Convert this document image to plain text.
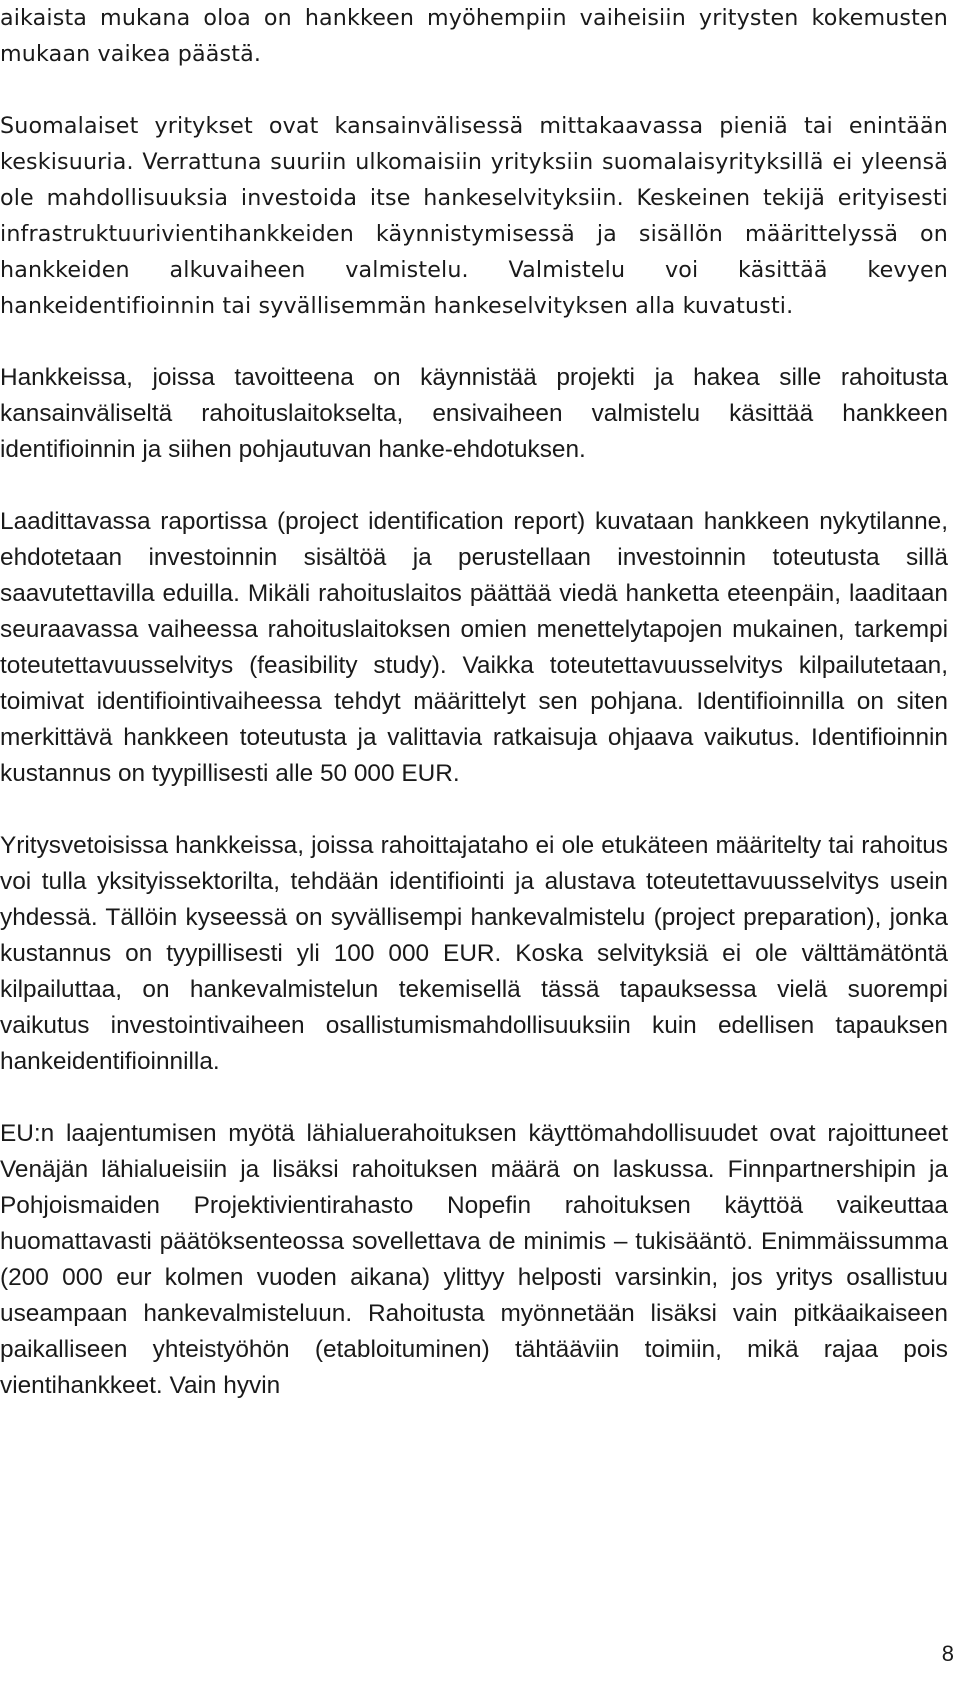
aikaista mukana oloa on hankkeen myöhempiin vaiheisiin yritysten kokemusten mukaan vaikea päästä.

Suomalaiset yritykset ovat kansainvälisessä mittakaavassa pieniä tai enintään keskisuuria. Verrattuna suuriin ulkomaisiin yrityksiin suomalaisyrityksillä ei yleensä ole mahdollisuuksia investoida itse hankeselvityksiin. Keskeinen tekijä erityisesti infrastruktuurivientihankkeiden käynnistymisessä ja sisällön määrittelyssä on hankkeiden alkuvaiheen valmistelu. Valmistelu voi käsittää kevyen hankeidentifioinnin tai syvällisemmän hankeselvityksen alla kuvatusti.

Hankkeissa, joissa tavoitteena on käynnistää projekti ja hakea sille rahoitusta kansainväliseltä rahoituslaitokselta, ensivaiheen valmistelu käsittää hankkeen identifioinnin ja siihen pohjautuvan hanke-ehdotuksen.

Laadittavassa raportissa (project identification report) kuvataan hankkeen nykytilanne, ehdotetaan investoinnin sisältöä ja perustellaan investoinnin toteutusta sillä saavutettavilla eduilla. Mikäli rahoituslaitos päättää viedä hanketta eteenpäin, laaditaan seuraavassa vaiheessa rahoituslaitoksen omien menettelytapojen mukainen, tarkempi toteutettavuusselvitys (feasibility study). Vaikka toteutettavuusselvitys kilpailutetaan, toimivat identifiointivaiheessa tehdyt määrittelyt sen pohjana. Identifioinnilla on siten merkittävä hankkeen toteutusta ja valittavia ratkaisuja ohjaava vaikutus. Identifioinnin kustannus on tyypillisesti alle 50 000 EUR.

Yritysvetoisissa hankkeissa, joissa rahoittajataho ei ole etukäteen määritelty tai rahoitus voi tulla yksityissektorilta, tehdään identifiointi ja alustava toteutettavuusselvitys usein yhdessä. Tällöin kyseessä on syvällisempi hankevalmistelu (project preparation), jonka kustannus on tyypillisesti yli 100 000 EUR. Koska selvityksiä ei ole välttämätöntä kilpailuttaa, on hankevalmistelun tekemisellä tässä tapauksessa vielä suorempi vaikutus investointivaiheen osallistumismahdollisuuksiin kuin edellisen tapauksen hankeidentifioinnilla.

EU:n laajentumisen myötä lähialuerahoituksen käyttömahdollisuudet ovat rajoittuneet Venäjän lähialueisiin ja lisäksi rahoituksen määrä on laskussa. Finnpartnershipin ja Pohjoismaiden Projektivientirahasto Nopefin rahoituksen käyttöä vaikeuttaa huomattavasti päätöksenteossa sovellettava de minimis – tukisääntö. Enimmäissumma (200 000 eur kolmen vuoden aikana) ylittyy helposti varsinkin, jos yritys osallistuu useampaan hankevalmisteluun. Rahoitusta myönnetään lisäksi vain pitkäaikaiseen paikalliseen yhteistyöhön (etabloituminen) tähtääviin toimiin, mikä rajaa pois vientihankkeet. Vain hyvin

8
